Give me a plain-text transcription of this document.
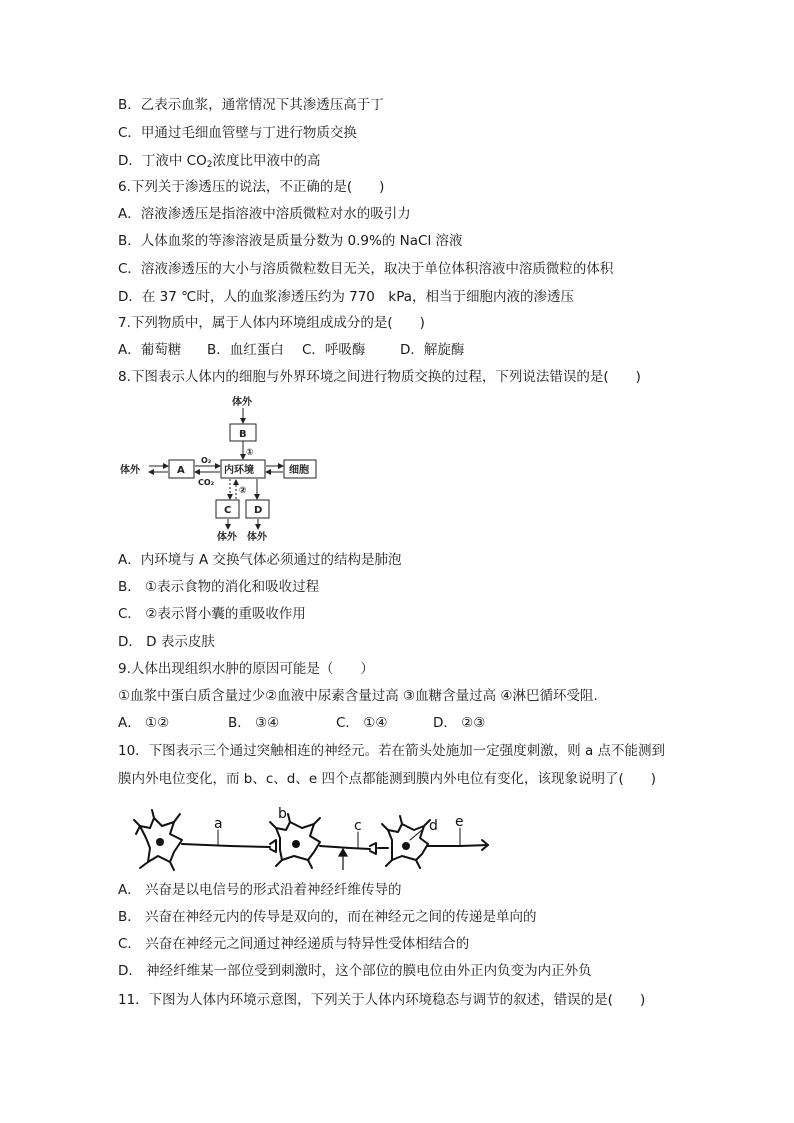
B．乙表示血浆，通常情况下其渗透压高于丁
C．甲通过毛细血管壁与丁进行物质交换
D．丁液中 $CO_2$浓度比甲液中的高
6.下列关于渗透压的说法，不正确的是(　　)
A．溶液渗透压是指溶液中溶质微粒对水的吸引力
B．人体血浆的等渗溶液是质量分数为 0.9%的 NaCl 溶液
C．溶液渗透压的大小与溶质微粒数目无关，取决于单位体积溶液中溶质微粒的体积
D．在 37 ℃时，人的血浆渗透压约为 770　kPa，相当于细胞内液的渗透压
7.下列物质中，属于人体内环境组成成分的是(　　)
A．葡萄糖	B．血红蛋白	C．呼吸酶	D．解旋酶
8.下图表示人体内的细胞与外界环境之间进行物质交换的过程，下列说法错误的是(　　)
体外
B
①
体外	A
O₂
CO₂
内环境	细胞
②
C D
体外 体外
A．内环境与 A 交换气体必须通过的结构是肺泡
B． ①表示食物的消化和吸收过程
C． ②表示肾小囊的重吸收作用
D． D 表示皮肤
9.人体出现组织水肿的原因可能是（　　）
①血浆中蛋白质含量过少②血液中尿素含量过高 ③血糖含量过高 ④淋巴循环受阻.
A． ①②	B． ③④	C． ①④	D． ②③
10．下图表示三个通过突触相连的神经元。若在箭头处施加一定强度刺激，则 a 点不能测到
膜内外电位变化，而 b、c、d、e 四个点都能测到膜内外电位有变化，该现象说明了(　　)
a
b
c	d e
A． 兴奋是以电信号的形式沿着神经纤维传导的
B． 兴奋在神经元内的传导是双向的，而在神经元之间的传递是单向的
C． 兴奋在神经元之间通过神经递质与特异性受体相结合的
D． 神经纤维某一部位受到刺激时，这个部位的膜电位由外正内负变为内正外负
11．下图为人体内环境示意图，下列关于人体内环境稳态与调节的叙述，错误的是(　　)
